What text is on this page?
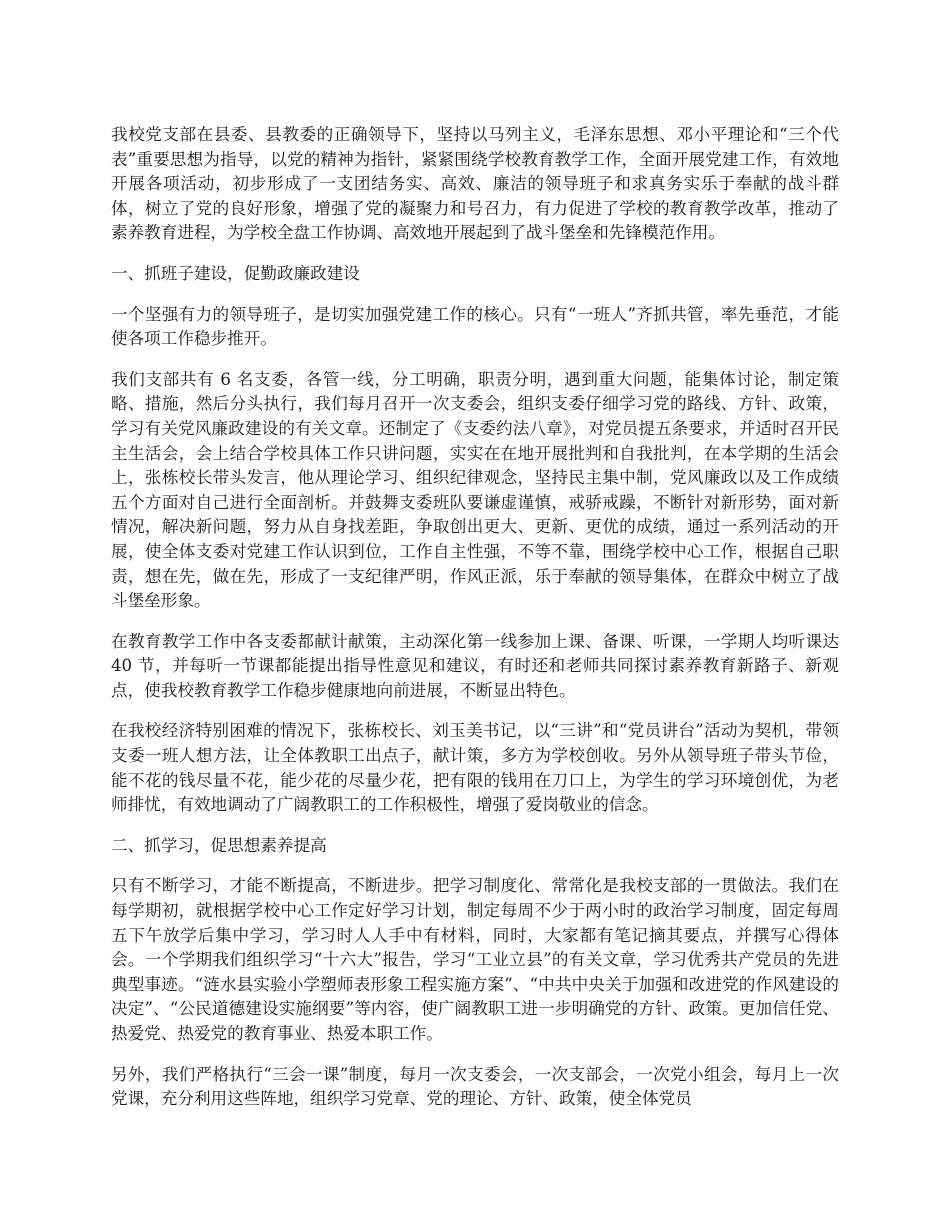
我校党支部在县委、县教委的正确领导下，坚持以马列主义，毛泽东思想、邓小平理论和“三个代表”重要思想为指导，以党的精神为指针，紧紧围绕学校教育教学工作，全面开展党建工作，有效地开展各项活动，初步形成了一支团结务实、高效、廉洁的领导班子和求真务实乐于奉献的战斗群体，树立了党的良好形象，增强了党的凝聚力和号召力，有力促进了学校的教育教学改革，推动了素养教育进程，为学校全盘工作协调、高效地开展起到了战斗堡垒和先锋模范作用。

一、抓班子建设，促勤政廉政建设

一个坚强有力的领导班子，是切实加强党建工作的核心。只有“一班人”齐抓共管，率先垂范，才能使各项工作稳步推开。

我们支部共有 6 名支委，各管一线，分工明确，职责分明，遇到重大问题，能集体讨论，制定策略、措施，然后分头执行，我们每月召开一次支委会，组织支委仔细学习党的路线、方针、政策，学习有关党风廉政建设的有关文章。还制定了《支委约法八章》，对党员提五条要求，并适时召开民主生活会，会上结合学校具体工作只讲问题，实实在在地开展批判和自我批判，在本学期的生活会上，张栋校长带头发言，他从理论学习、组织纪律观念，坚持民主集中制，党风廉政以及工作成绩五个方面对自己进行全面剖析。并鼓舞支委班队要谦虚谨慎，戒骄戒躁，不断针对新形势，面对新情况，解决新问题，努力从自身找差距，争取创出更大、更新、更优的成绩，通过一系列活动的开展，使全体支委对党建工作认识到位，工作自主性强，不等不靠，围绕学校中心工作，根据自己职责，想在先，做在先，形成了一支纪律严明，作风正派，乐于奉献的领导集体，在群众中树立了战斗堡垒形象。

在教育教学工作中各支委都献计献策，主动深化第一线参加上课、备课、听课，一学期人均听课达 40 节，并每听一节课都能提出指导性意见和建议，有时还和老师共同探讨素养教育新路子、新观点，使我校教育教学工作稳步健康地向前进展，不断显出特色。

在我校经济特别困难的情况下，张栋校长、刘玉美书记，以“三讲”和“党员讲台”活动为契机，带领支委一班人想方法，让全体教职工出点子，献计策，多方为学校创收。另外从领导班子带头节俭，能不花的钱尽量不花，能少花的尽量少花，把有限的钱用在刀口上，为学生的学习环境创优，为老师排忧，有效地调动了广阔教职工的工作积极性，增强了爱岗敬业的信念。

二、抓学习，促思想素养提高

只有不断学习，才能不断提高，不断进步。把学习制度化、常常化是我校支部的一贯做法。我们在每学期初，就根据学校中心工作定好学习计划，制定每周不少于两小时的政治学习制度，固定每周五下午放学后集中学习，学习时人人手中有材料，同时，大家都有笔记摘其要点，并撰写心得体会。一个学期我们组织学习“十六大”报告，学习“工业立县”的有关文章，学习优秀共产党员的先进典型事迹。“涟水县实验小学塑师表形象工程实施方案”、“中共中央关于加强和改进党的作风建设的决定”、“公民道德建设实施纲要”等内容，使广阔教职工进一步明确党的方针、政策。更加信任党、热爱党、热爱党的教育事业、热爱本职工作。

另外，我们严格执行“三会一课”制度，每月一次支委会，一次支部会，一次党小组会，每月上一次党课，充分利用这些阵地，组织学习党章、党的理论、方针、政策，使全体党员
